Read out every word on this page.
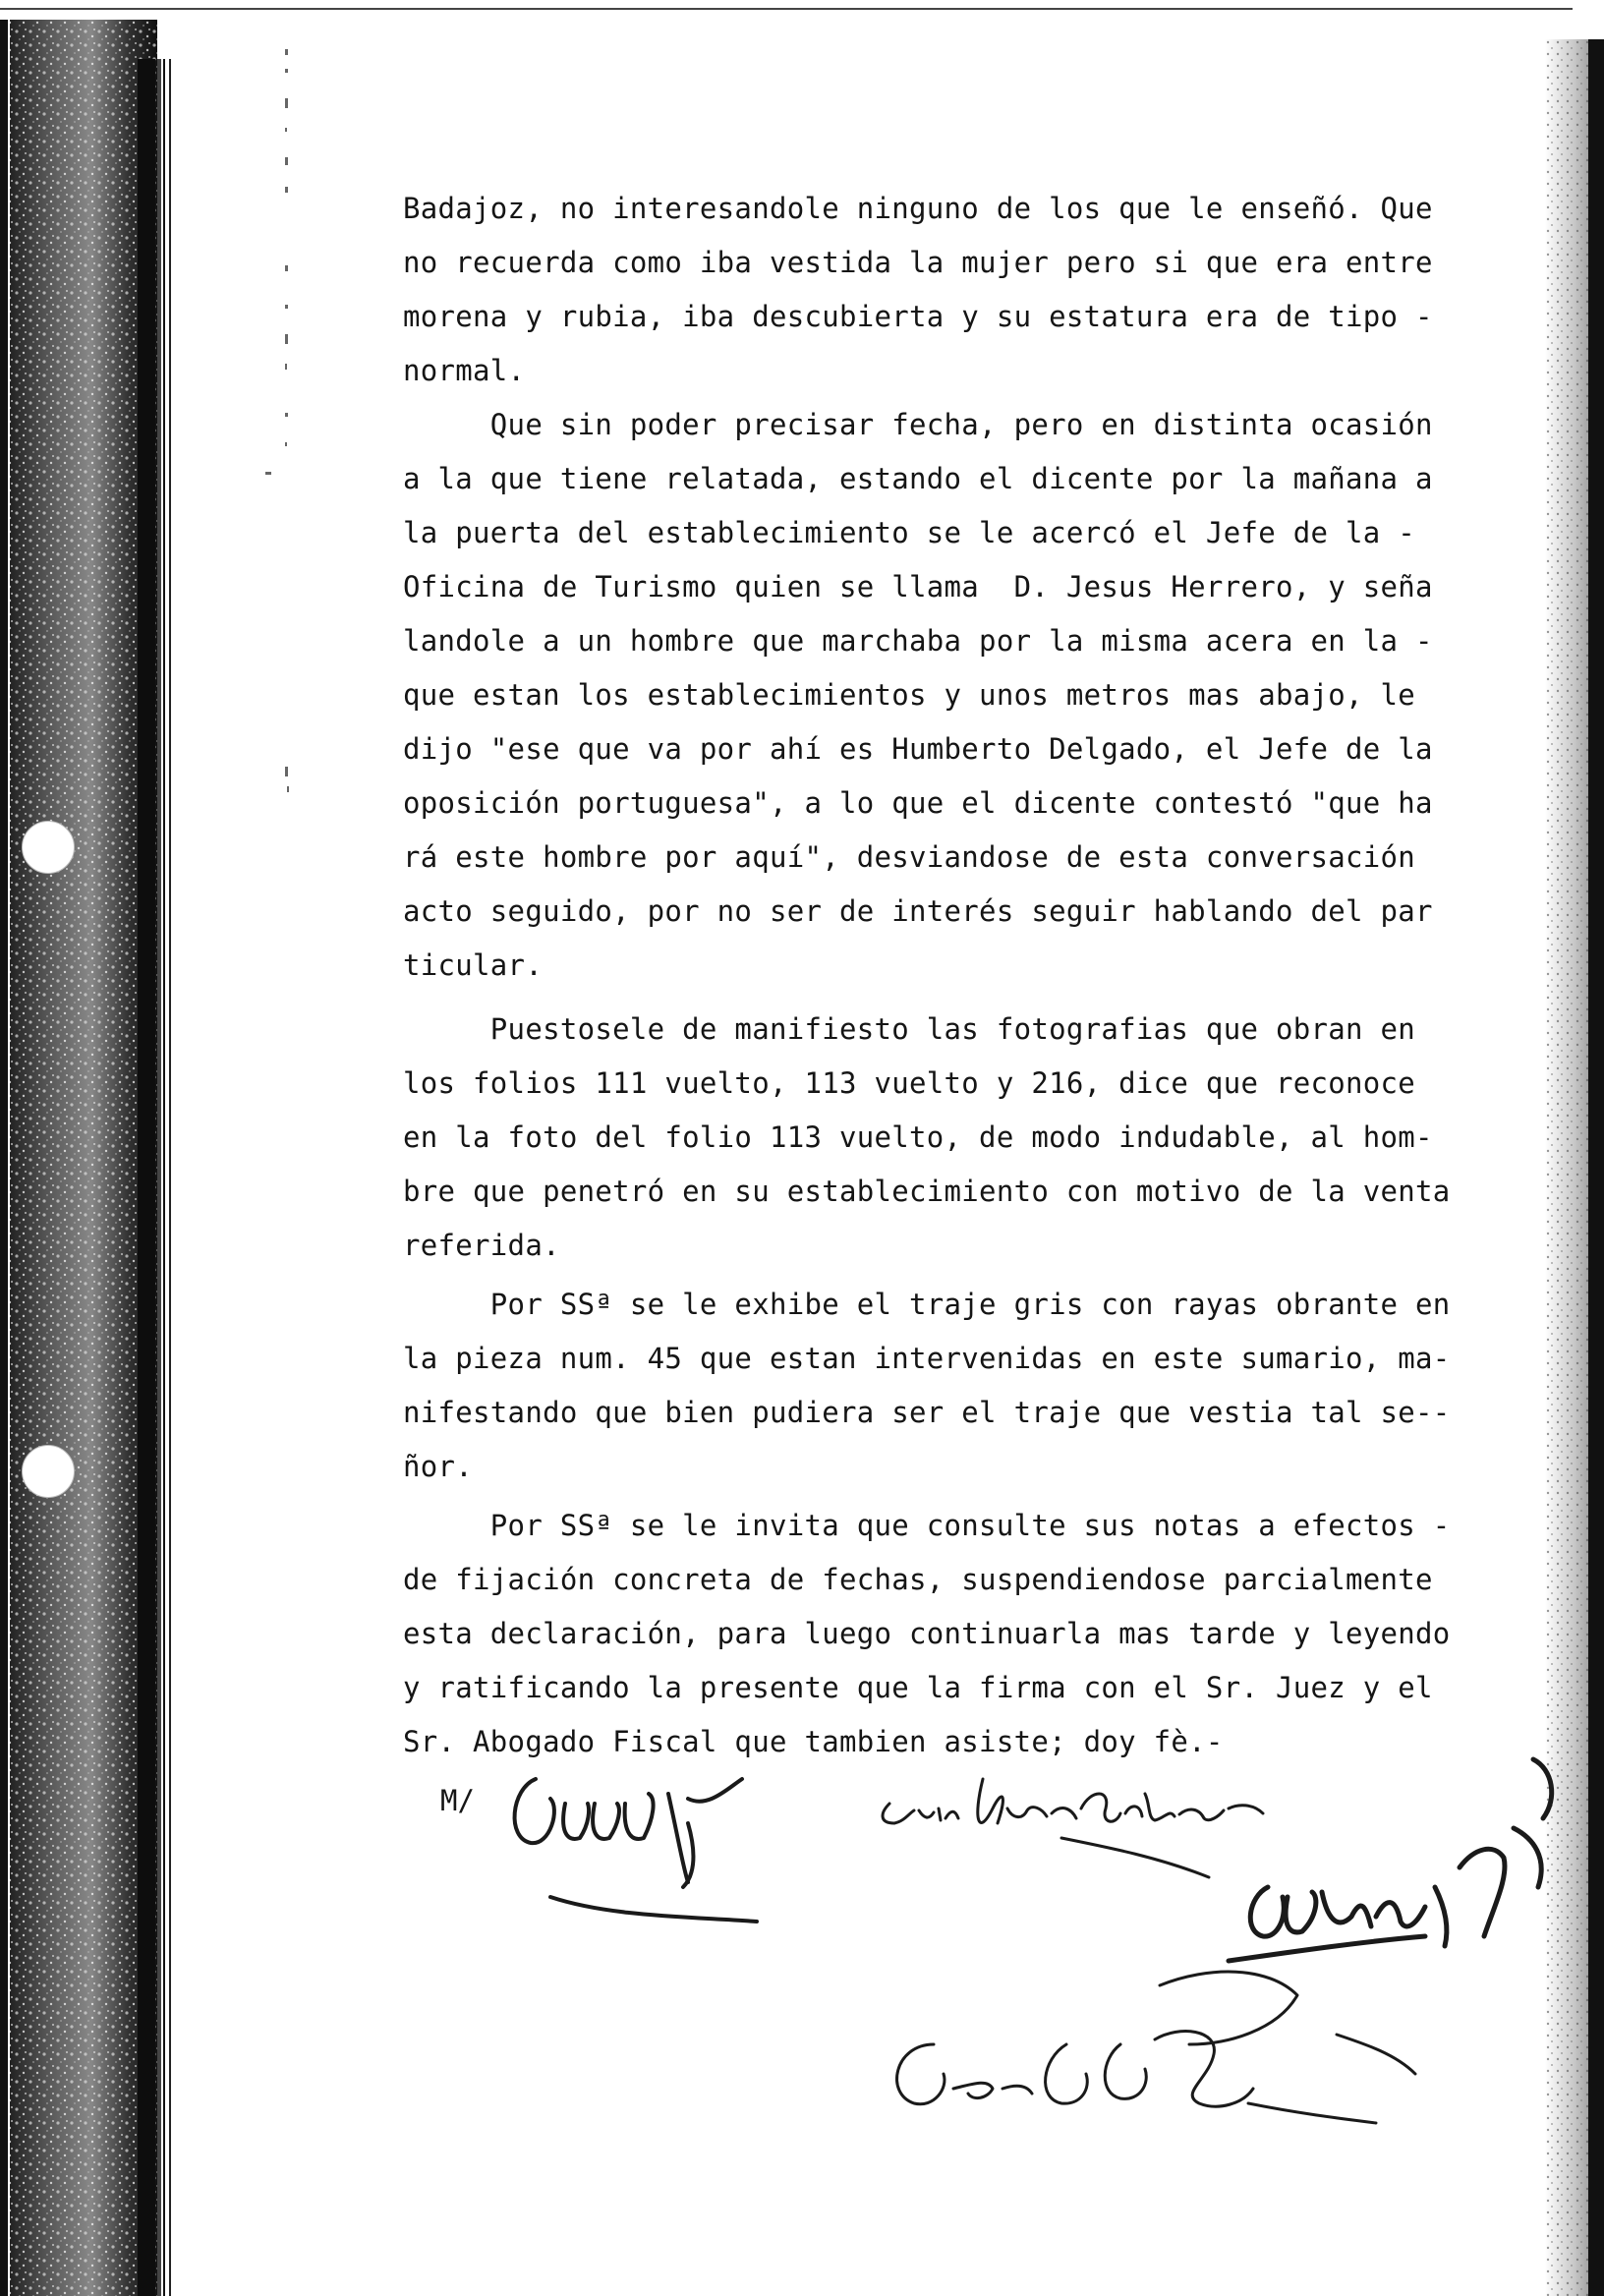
Badajoz, no interesandole ninguno de los que le enseñó. Que
no recuerda como iba vestida la mujer pero si que era entre
morena y rubia, iba descubierta y su estatura era de tipo -
normal.
Que sin poder precisar fecha, pero en distinta ocasión
a la que tiene relatada, estando el dicente por la mañana a
la puerta del establecimiento se le acercó el Jefe de la -
Oficina de Turismo quien se llama  D. Jesus Herrero, y seña
landole a un hombre que marchaba por la misma acera en la -
que estan los establecimientos y unos metros mas abajo, le
dijo "ese que va por ahí es Humberto Delgado, el Jefe de la
oposición portuguesa", a lo que el dicente contestó "que ha
rá este hombre por aquí", desviandose de esta conversación
acto seguido, por no ser de interés seguir hablando del par
ticular.
Puestosele de manifiesto las fotografias que obran en
los folios 111 vuelto, 113 vuelto y 216, dice que reconoce
en la foto del folio 113 vuelto, de modo indudable, al hom-
bre que penetró en su establecimiento con motivo de la venta
referida.
Por SSª se le exhibe el traje gris con rayas obrante en
la pieza num. 45 que estan intervenidas en este sumario, ma-
nifestando que bien pudiera ser el traje que vestia tal se--
ñor.
Por SSª se le invita que consulte sus notas a efectos -
de fijación concreta de fechas, suspendiendose parcialmente
esta declaración, para luego continuarla mas tarde y leyendo
y ratificando la presente que la firma con el Sr. Juez y el
Sr. Abogado Fiscal que tambien asiste; doy fè.-
M/
